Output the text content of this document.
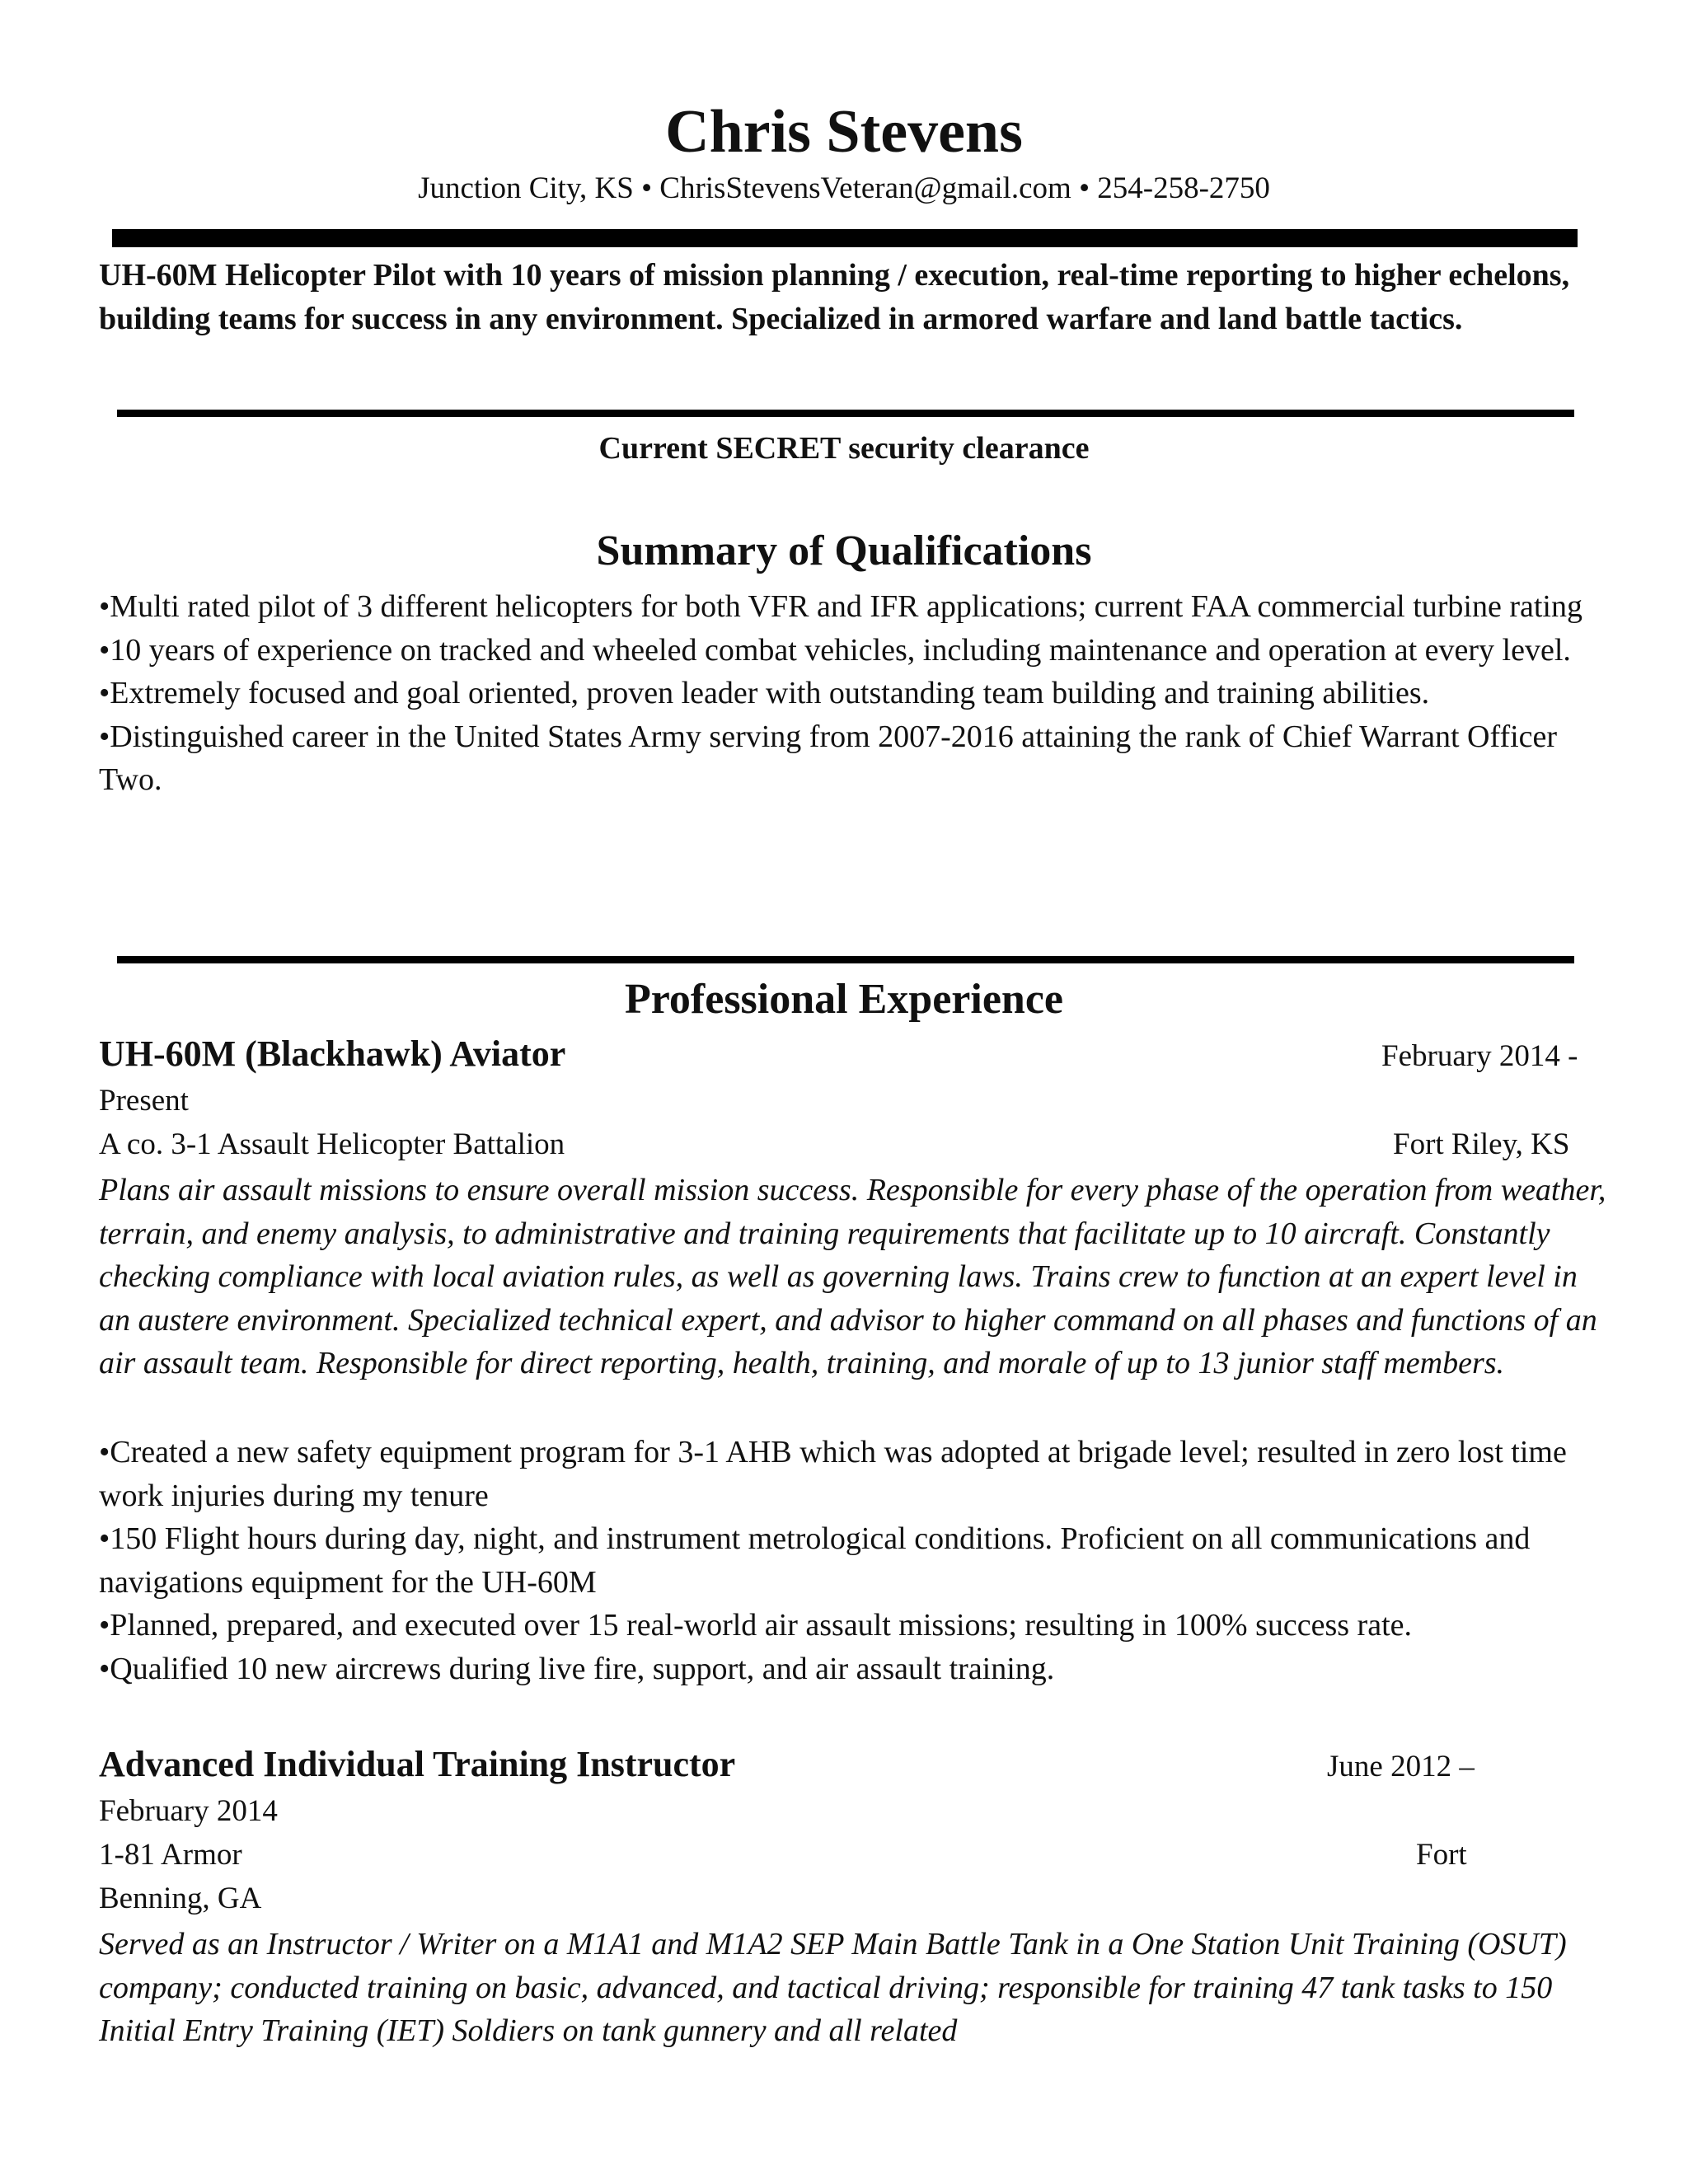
Chris Stevens
Junction City, KS • ChrisStevensVeteran@gmail.com • 254-258-2750
UH-60M Helicopter Pilot with 10 years of mission planning / execution, real-time reporting to higher echelons, building teams for success in any environment. Specialized in armored warfare and land battle tactics.
Current SECRET security clearance
Summary of Qualifications

•Multi rated pilot of 3 different helicopters for both VFR and IFR applications; current FAA commercial turbine rating

•10 years of experience on tracked and wheeled combat vehicles, including maintenance and operation at every level.

•Extremely focused and goal oriented, proven leader with outstanding team building and training abilities.

•Distinguished career in the United States Army serving from 2007-2016 attaining the rank of Chief Warrant Officer Two.

Professional Experience
UH-60M (Blackhawk) Aviator	February 2014 -
Present
A co. 3-1 Assault Helicopter Battalion	Fort Riley, KS
Plans air assault missions to ensure overall mission success. Responsible for every phase of the operation from weather, terrain, and enemy analysis, to administrative and training requirements that facilitate up to 10 aircraft. Constantly checking compliance with local aviation rules, as well as governing laws. Trains crew to function at an expert level in an austere environment. Specialized technical expert, and advisor to higher command on all phases and functions of an air assault team. Responsible for direct reporting, health, training, and morale of up to 13 junior staff members.

•Created a new safety equipment program for 3-1 AHB which was adopted at brigade level; resulted in zero lost time work injuries during my tenure

•150 Flight hours during day, night, and instrument metrological conditions. Proficient on all communications and navigations equipment for the UH-60M

•Planned, prepared, and executed over 15 real-world air assault missions; resulting in 100% success rate.

•Qualified 10 new aircrews during live fire, support, and air assault training.

Advanced Individual Training Instructor	June 2012 –
February 2014
1-81 Armor	Fort
Benning, GA
Served as an Instructor / Writer on a M1A1 and M1A2 SEP Main Battle Tank in a One Station Unit Training (OSUT) company; conducted training on basic, advanced, and tactical driving; responsible for training 47 tank tasks to 150 Initial Entry Training (IET) Soldiers on tank gunnery and all related
